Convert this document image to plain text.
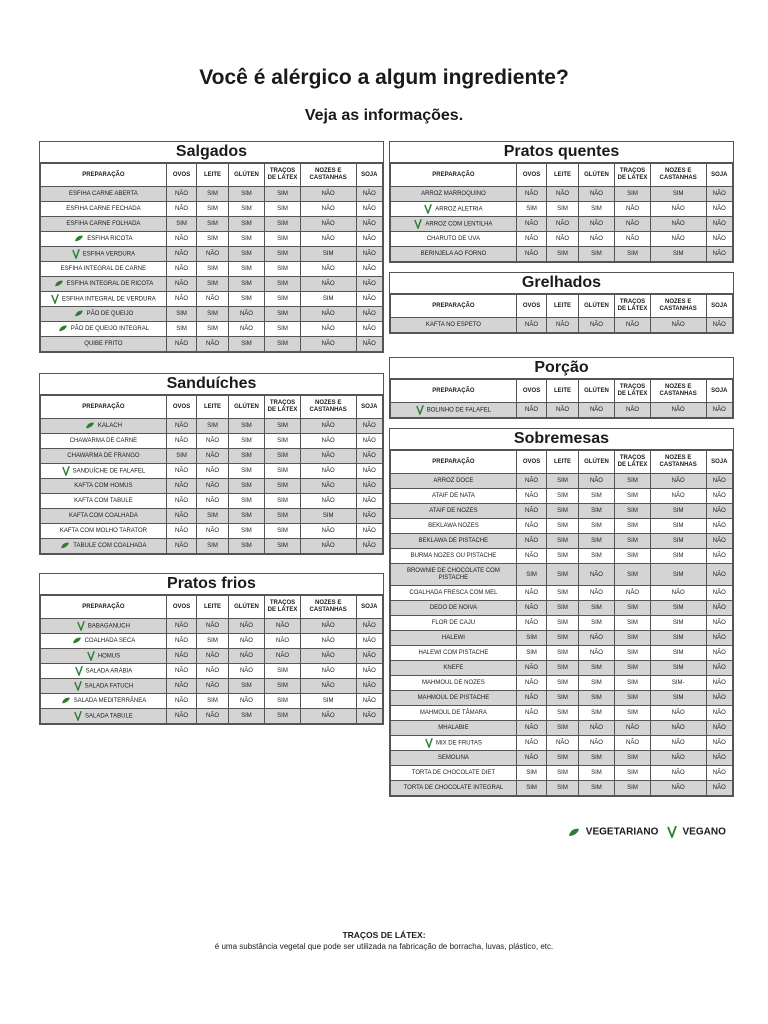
Você é alérgico a algum ingrediente?
Veja as informações.
Salgados
PREPARAÇÃO	OVOS	LEITE	GLÚTEN	TRAÇOS DE LÁTEX	NOZES E CASTANHAS	SOJA
ESFIHA CARNE ABERTA	NÃO	SIM	SIM	SIM	NÃO	NÃO
ESFIHA CARNE FECHADA	NÃO	SIM	SIM	SIM	NÃO	NÃO
ESFIHA CARNE FOLHADA	SIM	SIM	SIM	SIM	NÃO	NÃO
ESFIHA RICOTA	NÃO	SIM	SIM	SIM	NÃO	NÃO
ESFIHA VERDURA	NÃO	NÃO	SIM	SIM	SIM	NÃO
ESFIHA INTEGRAL DE CARNE	NÃO	SIM	SIM	SIM	NÃO	NÃO
ESFIHA INTEGRAL DE RICOTA	NÃO	SIM	SIM	SIM	NÃO	NÃO
ESFIHA INTEGRAL DE VERDURA	NÃO	NÃO	SIM	SIM	SIM	NÃO
PÃO DE QUEIJO	SIM	SIM	NÃO	SIM	NÃO	NÃO
PÃO DE QUEIJO INTEGRAL	SIM	SIM	NÃO	SIM	NÃO	NÃO
QUIBE FRITO	NÃO	NÃO	SIM	SIM	NÃO	NÃO
Sanduíches
PREPARAÇÃO	OVOS	LEITE	GLÚTEN	TRAÇOS DE LÁTEX	NOZES E CASTANHAS	SOJA
KALACH	NÃO	SIM	SIM	SIM	NÃO	NÃO
CHAWARMA DE CARNE	NÃO	NÃO	SIM	SIM	NÃO	NÃO
CHAWARMA DE FRANGO	SIM	NÃO	SIM	SIM	NÃO	NÃO
SANDUÍCHE DE FALAFEL	NÃO	NÃO	SIM	SIM	NÃO	NÃO
KAFTA COM HOMUS	NÃO	NÃO	SIM	SIM	NÃO	NÃO
KAFTA COM TABULE	NÃO	NÃO	SIM	SIM	NÃO	NÃO
KAFTA COM COALHADA	NÃO	SIM	SIM	SIM	SIM	NÃO
KAFTA COM MOLHO TARATOR	NÃO	NÃO	SIM	SIM	NÃO	NÃO
TABULE COM COALHADA	NÃO	SIM	SIM	SIM	NÃO	NÃO
Pratos frios
PREPARAÇÃO	OVOS	LEITE	GLÚTEN	TRAÇOS DE LÁTEX	NOZES E CASTANHAS	SOJA
BABAGANUCH	NÃO	NÃO	NÃO	NÃO	NÃO	NÃO
COALHADA SECA	NÃO	SIM	NÃO	NÃO	NÃO	NÃO
HOMUS	NÃO	NÃO	NÃO	NÃO	NÃO	NÃO
SALADA ARÁBIA	NÃO	NÃO	NÃO	SIM	NÃO	NÃO
SALADA FATUCH	NÃO	NÃO	SIM	SIM	NÃO	NÃO
SALADA MEDITERRÂNEA	NÃO	SIM	NÃO	SIM	SIM	NÃO
SALADA TABULE	NÃO	NÃO	SIM	SIM	NÃO	NÃO
Pratos quentes
PREPARAÇÃO	OVOS	LEITE	GLÚTEN	TRAÇOS DE LÁTEX	NOZES E CASTANHAS	SOJA
ARROZ MARROQUINO	NÃO	NÃO	NÃO	SIM	SIM	NÃO
ARROZ ALETRIA	SIM	SIM	SIM	NÃO	NÃO	NÃO
ARROZ COM LENTILHA	NÃO	NÃO	NÃO	NÃO	NÃO	NÃO
CHARUTO DE UVA	NÃO	NÃO	NÃO	NÃO	NÃO	NÃO
BERINJELA AO FORNO	NÃO	SIM	SIM	SIM	SIM	NÃO
Grelhados
PREPARAÇÃO	OVOS	LEITE	GLÚTEN	TRAÇOS DE LÁTEX	NOZES E CASTANHAS	SOJA
KAFTA NO ESPETO	NÃO	NÃO	NÃO	NÃO	NÃO	NÃO
Porção
PREPARAÇÃO	OVOS	LEITE	GLÚTEN	TRAÇOS DE LÁTEX	NOZES E CASTANHAS	SOJA
BOLINHO DE FALAFEL	NÃO	NÃO	NÃO	NÃO	NÃO	NÃO
Sobremesas
PREPARAÇÃO	OVOS	LEITE	GLÚTEN	TRAÇOS DE LÁTEX	NOZES E CASTANHAS	SOJA
ARROZ DOCE	NÃO	SIM	NÃO	SIM	NÃO	NÃO
ATAIF DE NATA	NÃO	SIM	SIM	SIM	NÃO	NÃO
ATAIF DE NOZES	NÃO	SIM	SIM	SIM	SIM	NÃO
BEKLAWA NOZES	NÃO	SIM	SIM	SIM	SIM	NÃO
BEKLAWA DE PISTACHE	NÃO	SIM	SIM	SIM	SIM	NÃO
BURMA NOZES OU PISTACHE	NÃO	SIM	SIM	SIM	SIM	NÃO
BROWNIE DE CHOCOLATE COM PISTACHE	SIM	SIM	NÃO	SIM	SIM	NÃO
COALHADA FRESCA COM MEL	NÃO	SIM	NÃO	NÃO	NÃO	NÃO
DEDO DE NOIVA	NÃO	SIM	SIM	SIM	SIM	NÃO
FLOR DE CAJU	NÃO	SIM	SIM	SIM	SIM	NÃO
HALEWI	SIM	SIM	NÃO	SIM	SIM	NÃO
HALEWI COM PISTACHE	SIM	SIM	NÃO	SIM	SIM	NÃO
KNEFE	NÃO	SIM	SIM	SIM	SIM	NÃO
MAHMOUL DE NOZES	NÃO	SIM	SIM	SIM	SIM-	NÃO
MAHMOUL DE PISTACHE	NÃO	SIM	SIM	SIM	SIM	NÃO
MAHMOUL DE TÂMARA	NÃO	SIM	SIM	SIM	NÃO	NÃO
MHALABIE	NÃO	SIM	NÃO	NÃO	NÃO	NÃO
MIX DE FRUTAS	NÃO	NÃO	NÃO	NÃO	NÃO	NÃO
SEMOLINA	NÃO	SIM	SIM	SIM	NÃO	NÃO
TORTA DE CHOCOLATE DIET	SIM	SIM	SIM	SIM	NÃO	NÃO
TORTA DE CHOCOLATE INTEGRAL	SIM	SIM	SIM	SIM	NÃO	NÃO
VEGETARIANO VEGANO
TRAÇOS DE LÁTEX:
é uma substância vegetal que pode ser utilizada na fabricação de borracha, luvas, plástico, etc.
